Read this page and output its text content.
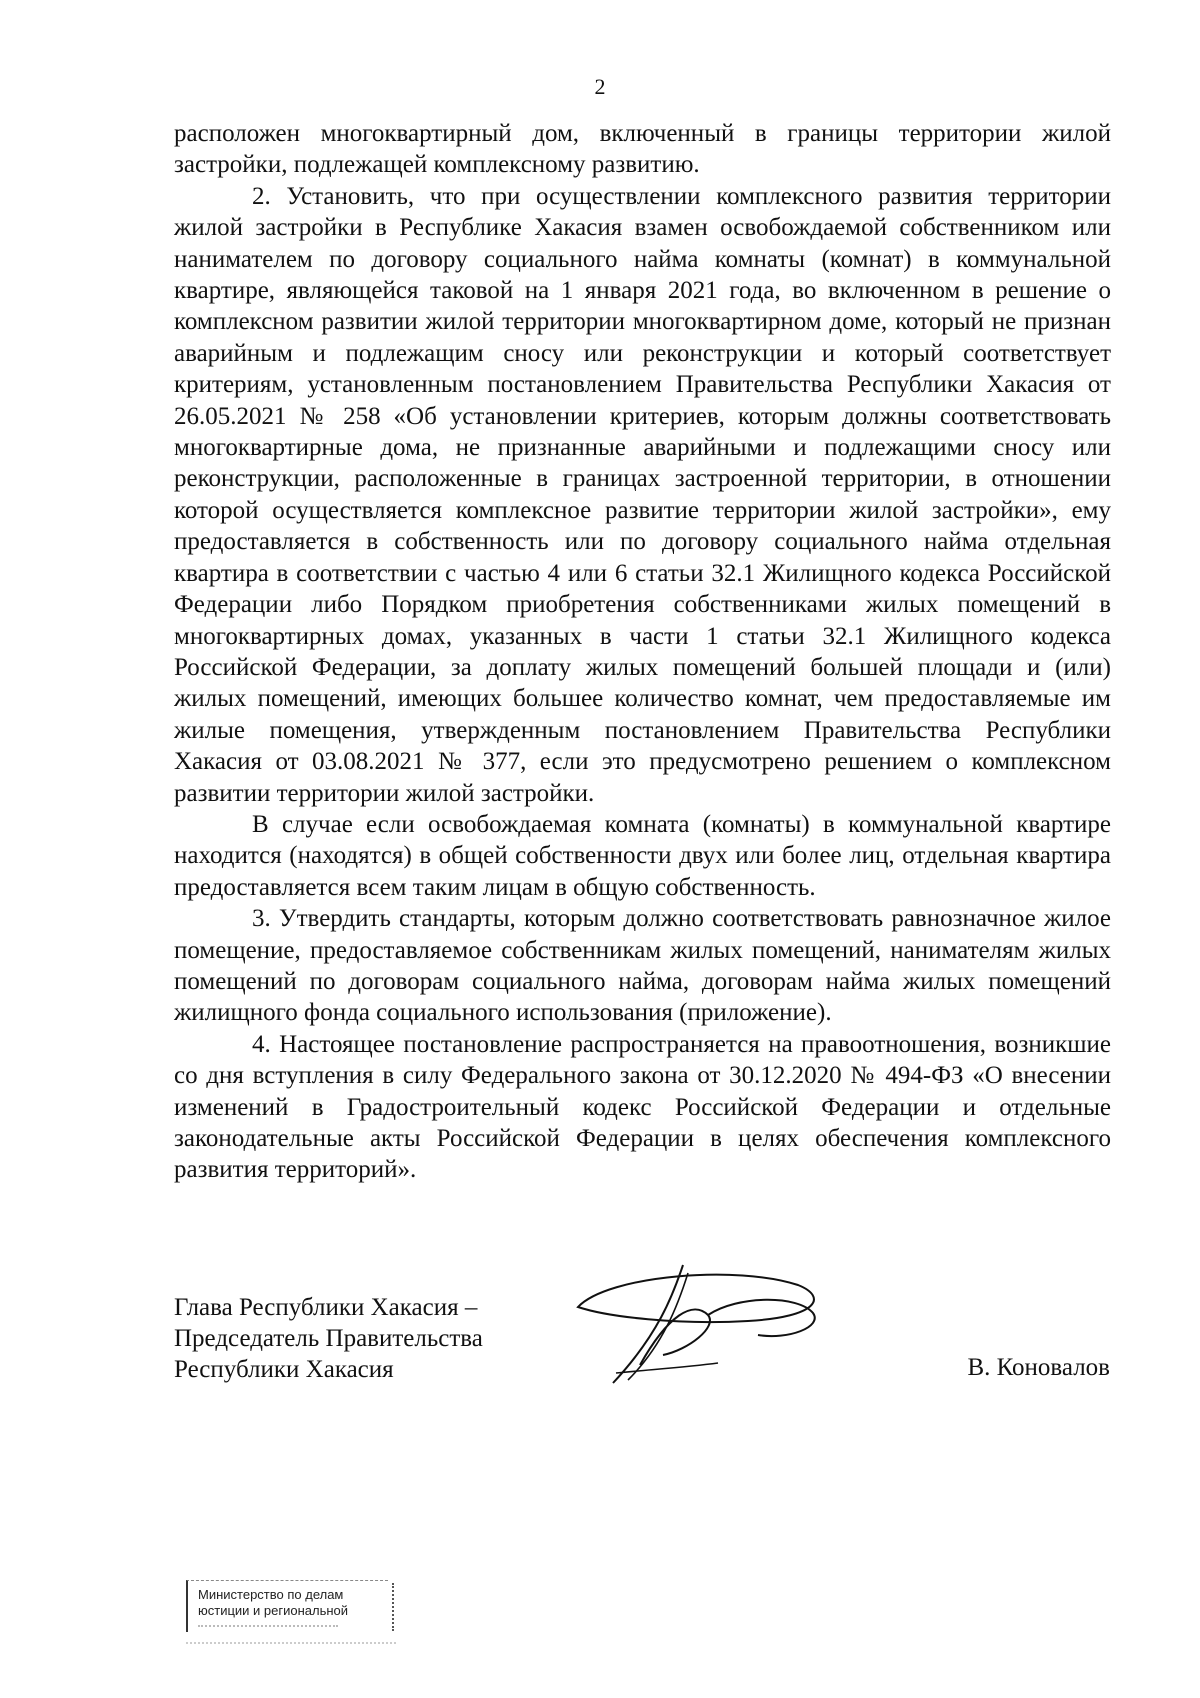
2

расположен многоквартирный дом, включенный в границы территории жилой застройки, подлежащей комплексному развитию.

2. Установить, что при осуществлении комплексного развития территории жилой застройки в Республике Хакасия взамен освобождаемой собственником или нанимателем по договору социального найма комнаты (комнат) в коммунальной квартире, являющейся таковой на 1 января 2021 года, во включенном в решение о комплексном развитии жилой территории многоквартирном доме, который не признан аварийным и подлежащим сносу или реконструкции и который соответствует критериям, установленным постановлением Правительства Республики Хакасия от 26.05.2021 № 258 «Об установлении критериев, которым должны соответствовать многоквартирные дома, не признанные аварийными и подлежащими сносу или реконструкции, расположенные в границах застроенной территории, в отношении которой осуществляется комплексное развитие территории жилой застройки», ему предоставляется в собственность или по договору социального найма отдельная квартира в соответствии с частью 4 или 6 статьи 32.1 Жилищного кодекса Российской Федерации либо Порядком приобретения собственниками жилых помещений в многоквартирных домах, указанных в части 1 статьи 32.1 Жилищного кодекса Российской Федерации, за доплату жилых помещений большей площади и (или) жилых помещений, имеющих большее количество комнат, чем предоставляемые им жилые помещения, утвержденным постановлением Правительства Республики Хакасия от 03.08.2021 № 377, если это предусмотрено решением о комплексном развитии территории жилой застройки.

В случае если освобождаемая комната (комнаты) в коммунальной квартире находится (находятся) в общей собственности двух или более лиц, отдельная квартира предоставляется всем таким лицам в общую собственность.

3. Утвердить стандарты, которым должно соответствовать равнозначное жилое помещение, предоставляемое собственникам жилых помещений, нанимателям жилых помещений по договорам социального найма, договорам найма жилых помещений жилищного фонда социального использования (приложение).

4. Настоящее постановление распространяется на правоотношения, возникшие со дня вступления в силу Федерального закона от 30.12.2020 № 494-ФЗ «О внесении изменений в Градостроительный кодекс Российской Федерации и отдельные законодательные акты Российской Федерации в целях обеспечения комплексного развития территорий».

Глава Республики Хакасия –
Председатель Правительства
Республики Хакасия	В. Коновалов
Министерство по делам
юстиции и региональной
